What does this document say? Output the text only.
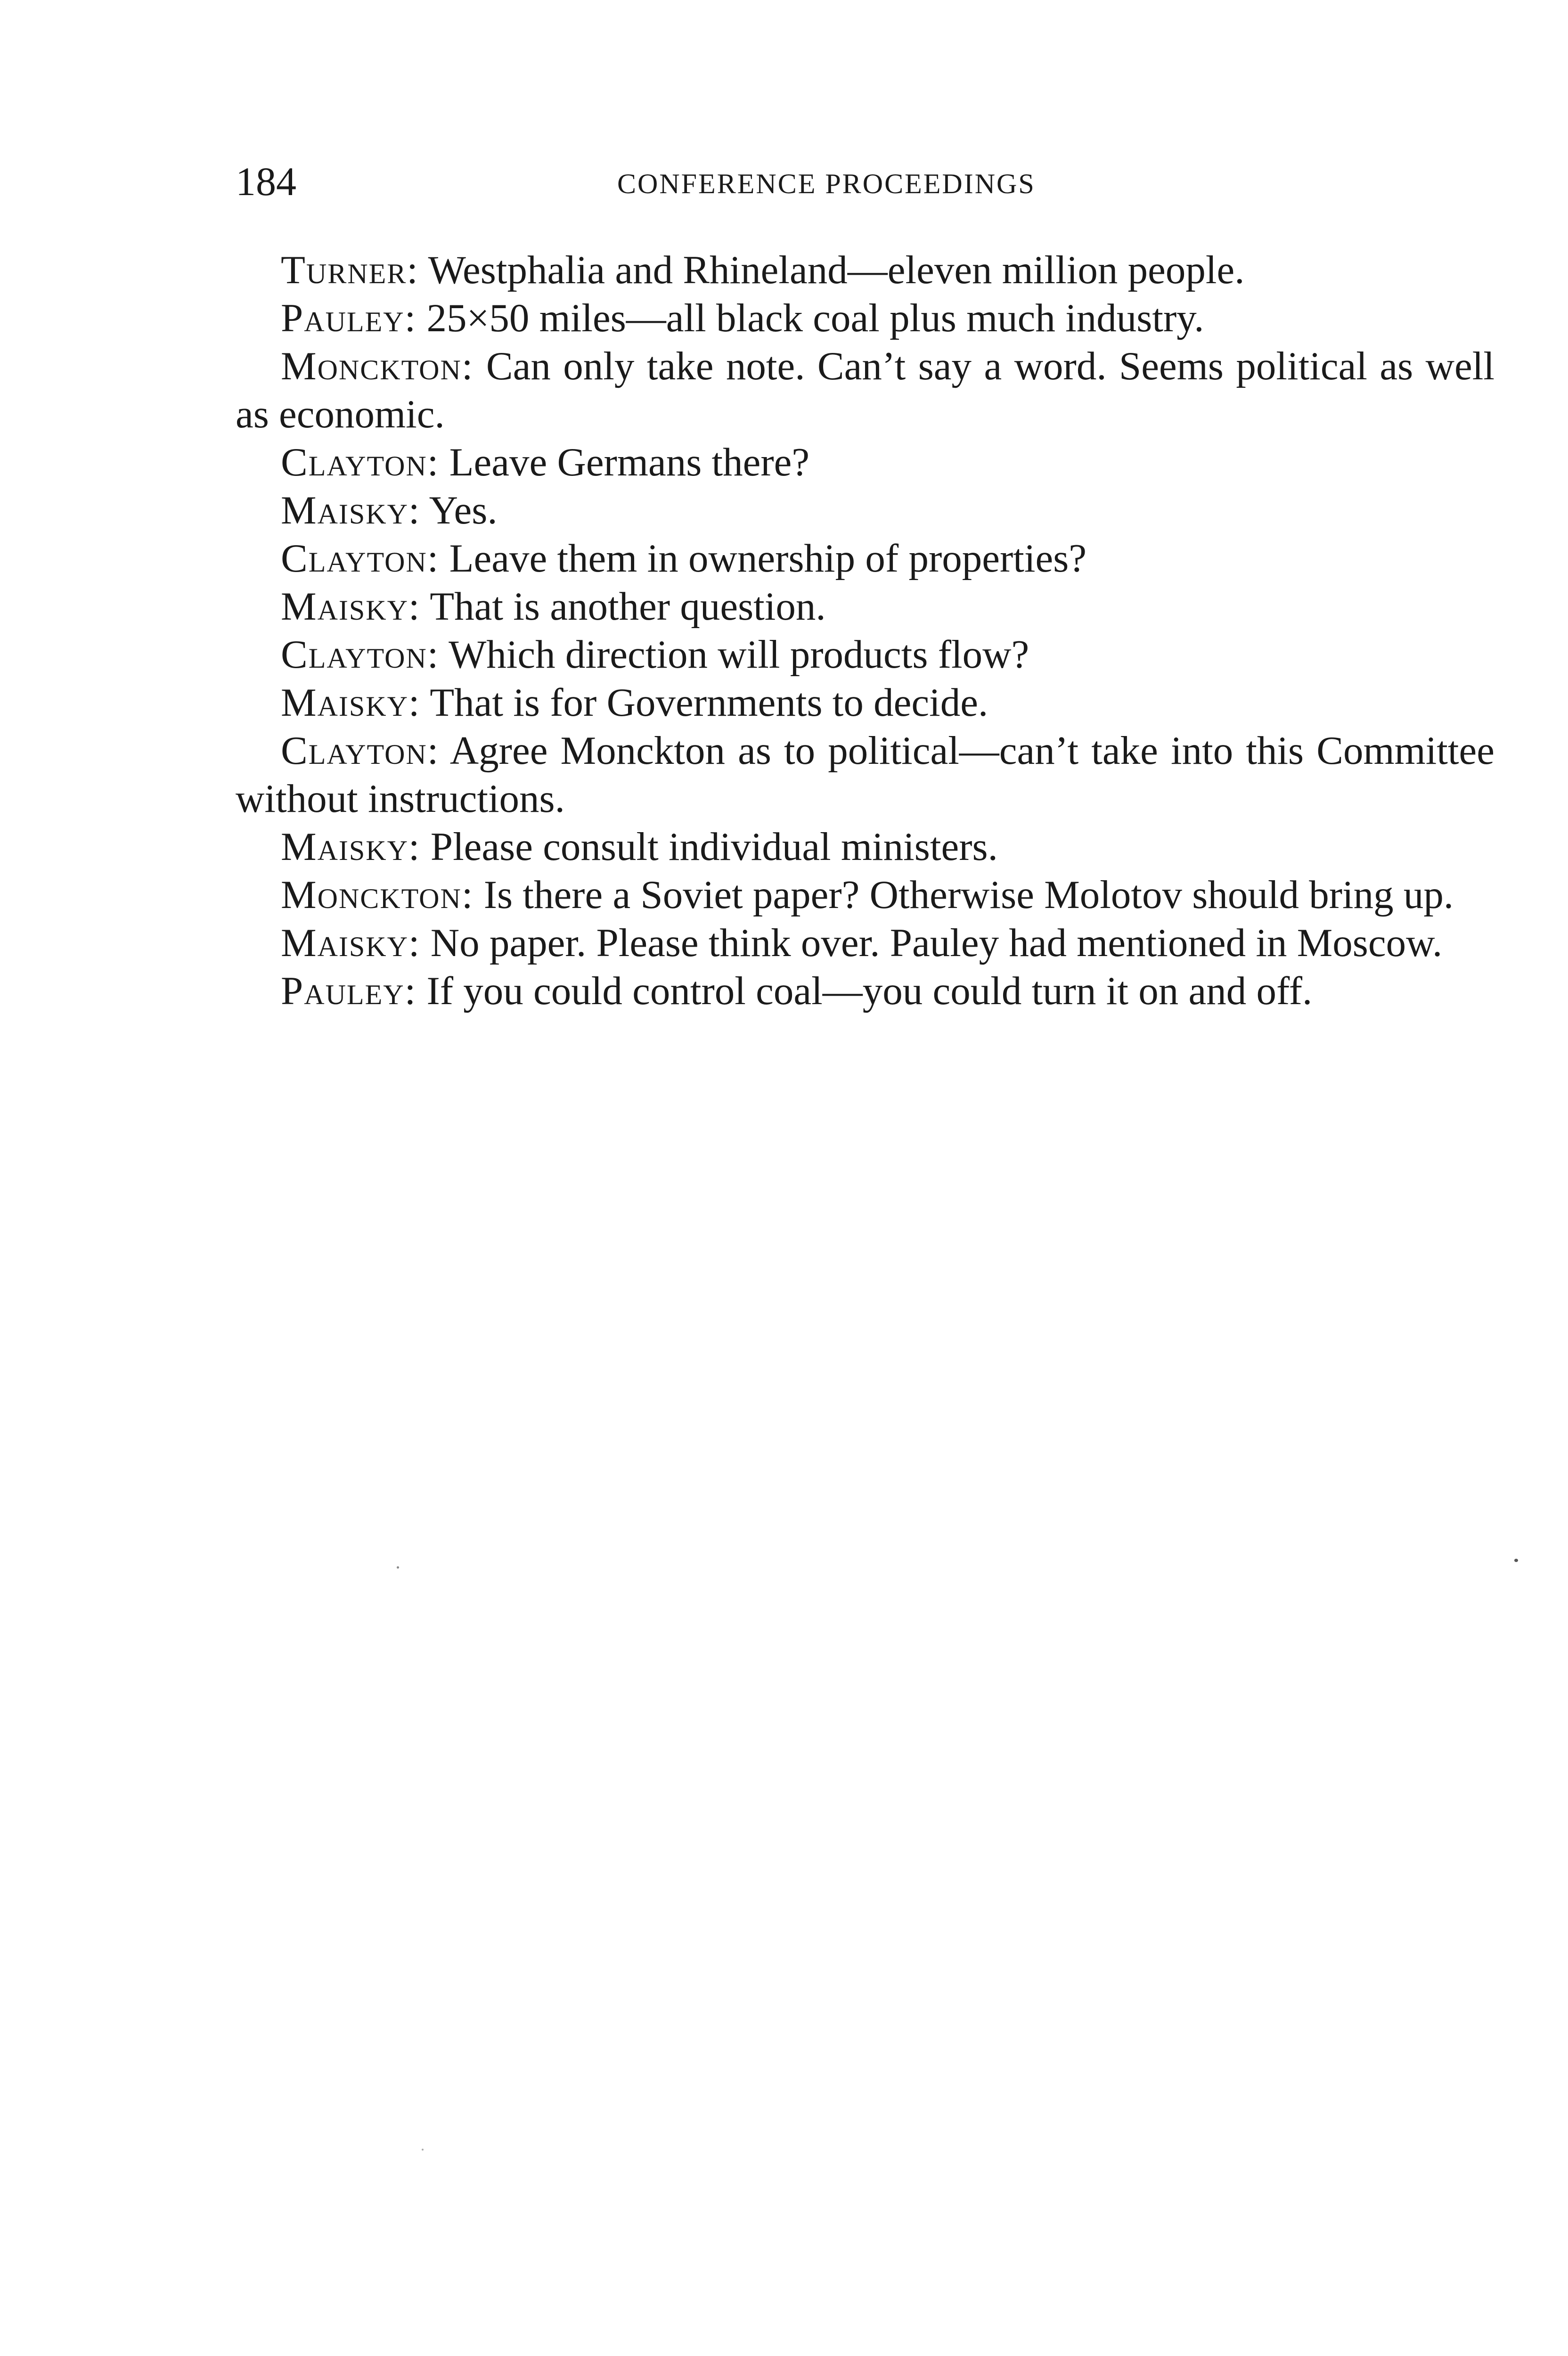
184	CONFERENCE PROCEEDINGS

Turner: Westphalia and Rhineland—eleven million people.

Pauley: 25×50 miles—all black coal plus much industry.

Monckton: Can only take note. Can’t say a word. Seems political as well as economic.

Clayton: Leave Germans there?

Maisky: Yes.

Clayton: Leave them in ownership of properties?

Maisky: That is another question.

Clayton: Which direction will products flow?

Maisky: That is for Governments to decide.

Clayton: Agree Monckton as to political—can’t take into this Committee without instructions.

Maisky: Please consult individual ministers.

Monckton: Is there a Soviet paper? Otherwise Molotov should bring up.

Maisky: No paper. Please think over. Pauley had mentioned in Moscow.

Pauley: If you could control coal—you could turn it on and off.
